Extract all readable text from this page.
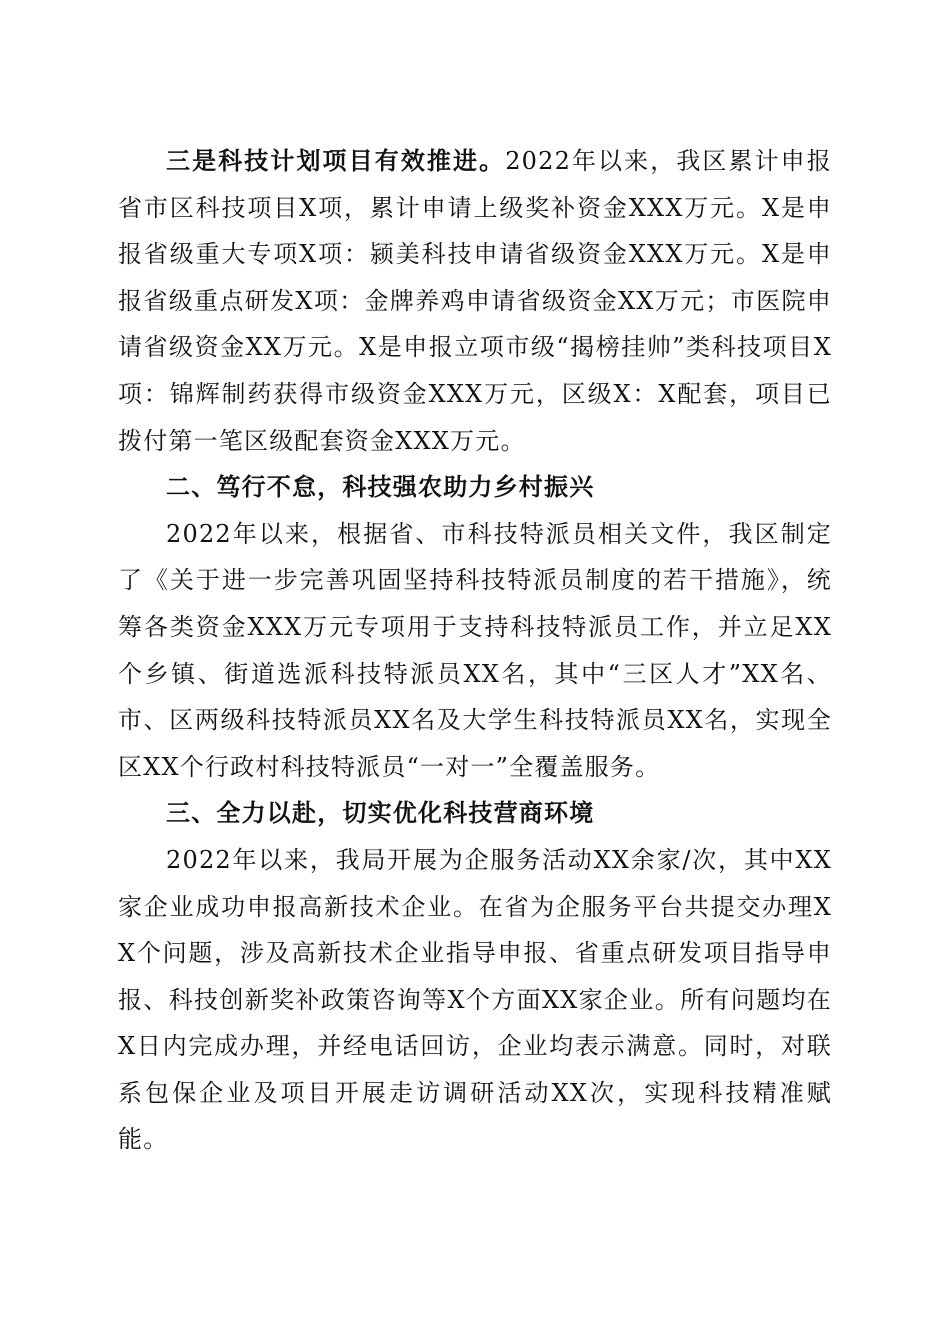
三是科技计划项目有效推进。2022年以来，我区累计申报省市区科技项目X项，累计申请上级奖补资金XXX万元。X是申报省级重大专项X项：颍美科技申请省级资金XXX万元。X是申报省级重点研发X项：金牌养鸡申请省级资金XX万元；市医院申请省级资金XX万元。X是申报立项市级“揭榜挂帅”类科技项目X项：锦辉制药获得市级资金XXX万元，区级X：X配套，项目已拨付第一笔区级配套资金XXX万元。

二、笃行不怠，科技强农助力乡村振兴

2022年以来，根据省、市科技特派员相关文件，我区制定了《关于进一步完善巩固坚持科技特派员制度的若干措施》，统筹各类资金XXX万元专项用于支持科技特派员工作，并立足XX个乡镇、街道选派科技特派员XX名，其中“三区人才”XX名、市、区两级科技特派员XX名及大学生科技特派员XX名，实现全区XX个行政村科技特派员“一对一”全覆盖服务。

三、全力以赴，切实优化科技营商环境

2022年以来，我局开展为企服务活动XX余家/次，其中XX家企业成功申报高新技术企业。在省为企服务平台共提交办理XX个问题，涉及高新技术企业指导申报、省重点研发项目指导申报、科技创新奖补政策咨询等X个方面XX家企业。所有问题均在X日内完成办理，并经电话回访，企业均表示满意。同时，对联系包保企业及项目开展走访调研活动XX次，实现科技精准赋能。
